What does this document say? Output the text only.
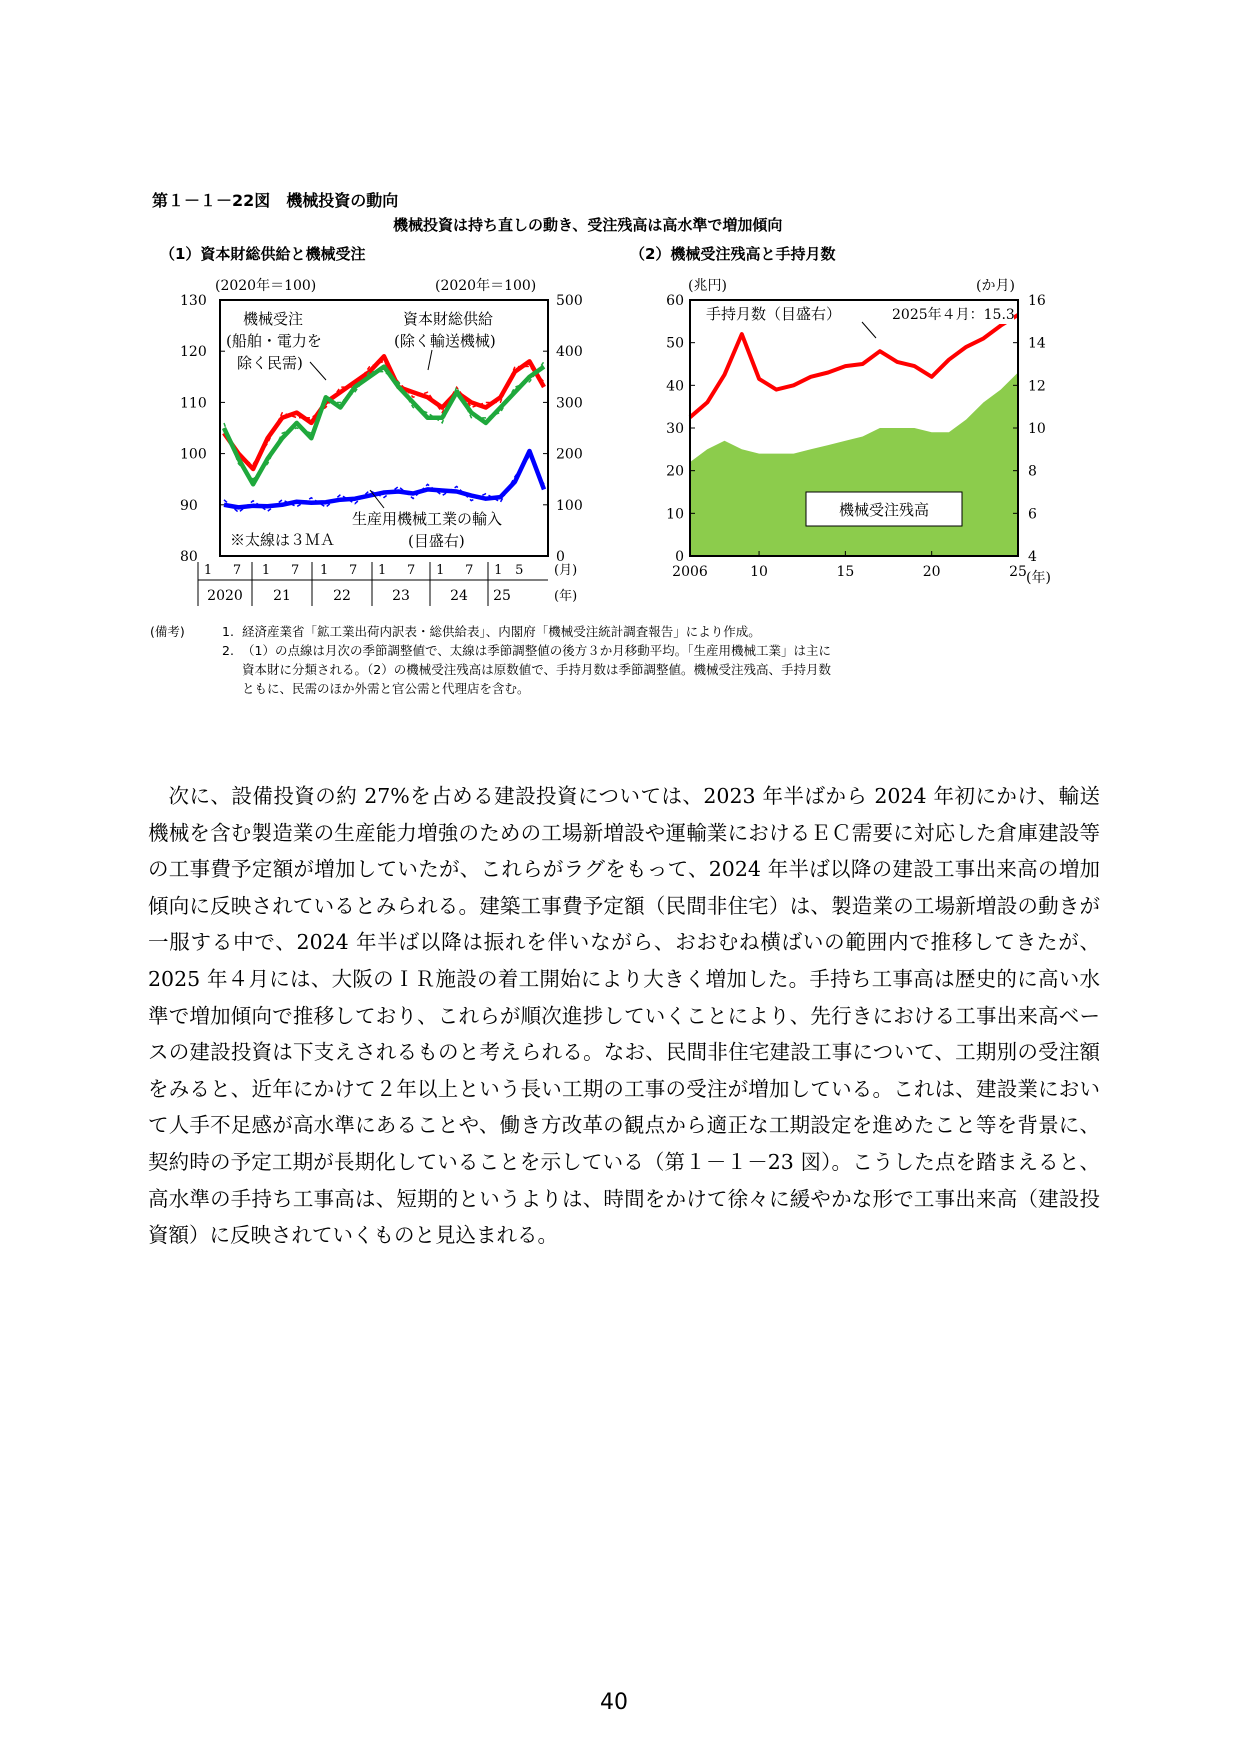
第１－１－22図　機械投資の動向
機械投資は持ち直しの動き、受注残高は高水準で増加傾向
（1）資本財総供給と機械受注	（2）機械受注残高と手持月数
(2020年＝100)	(2020年＝100)
130
120
110
100
90
80
500
400
300
200
100
0
機械受注
(船舶・電力を
除く民需)
資本財総供給
(除く輸送機械)
生産用機械工業の輸入
(目盛右)
※太線は３ＭＡ
1 7 1 7 1 7 1 7 1 7 1 5
2020 21	22	23	24 25
(月)
(年)
(兆円)	(か月)
60
50
40
30
20
10
0
16
14
12
10
8
6
4
2006	10	15	20	25 (年)
機械受注残高
手持月数（目盛右）	2025年４月：15.3
(備考)	1. 経済産業省「鉱工業出荷内訳表・総供給表」、内閣府「機械受注統計調査報告」により作成。
2. （1）の点線は月次の季節調整値で、太線は季節調整値の後方３か月移動平均。「生産用機械工業」は主に
資本財に分類される。（2）の機械受注残高は原数値で、手持月数は季節調整値。機械受注残高、手持月数
ともに、民需のほか外需と官公需と代理店を含む。
次に、設備投資の約 27%を占める建設投資については、2023 年半ばから 2024 年初にかけ、輸送機械を含む製造業の生産能力増強のための工場新増設や運輸業におけるＥＣ需要に対応した倉庫建設等の工事費予定額が増加していたが、これらがラグをもって、2024 年半ば以降の建設工事出来高の増加傾向に反映されているとみられる。建築工事費予定額（民間非住宅）は、製造業の工場新増設の動きが一服する中で、2024 年半ば以降は振れを伴いながら、おおむね横ばいの範囲内で推移してきたが、2025 年４月には、大阪のＩＲ施設の着工開始により大きく増加した。手持ち工事高は歴史的に高い水準で増加傾向で推移しており、これらが順次進捗していくことにより、先行きにおける工事出来高ベースの建設投資は下支えされるものと考えられる。なお、民間非住宅建設工事について、工期別の受注額をみると、近年にかけて２年以上という長い工期の工事の受注が増加している。これは、建設業において人手不足感が高水準にあることや、働き方改革の観点から適正な工期設定を進めたこと等を背景に、契約時の予定工期が長期化していることを示している（第１－１－23 図）。こうした点を踏まえると、高水準の手持ち工事高は、短期的というよりは、時間をかけて徐々に緩やかな形で工事出来高（建設投資額）に反映されていくものと見込まれる。
40
